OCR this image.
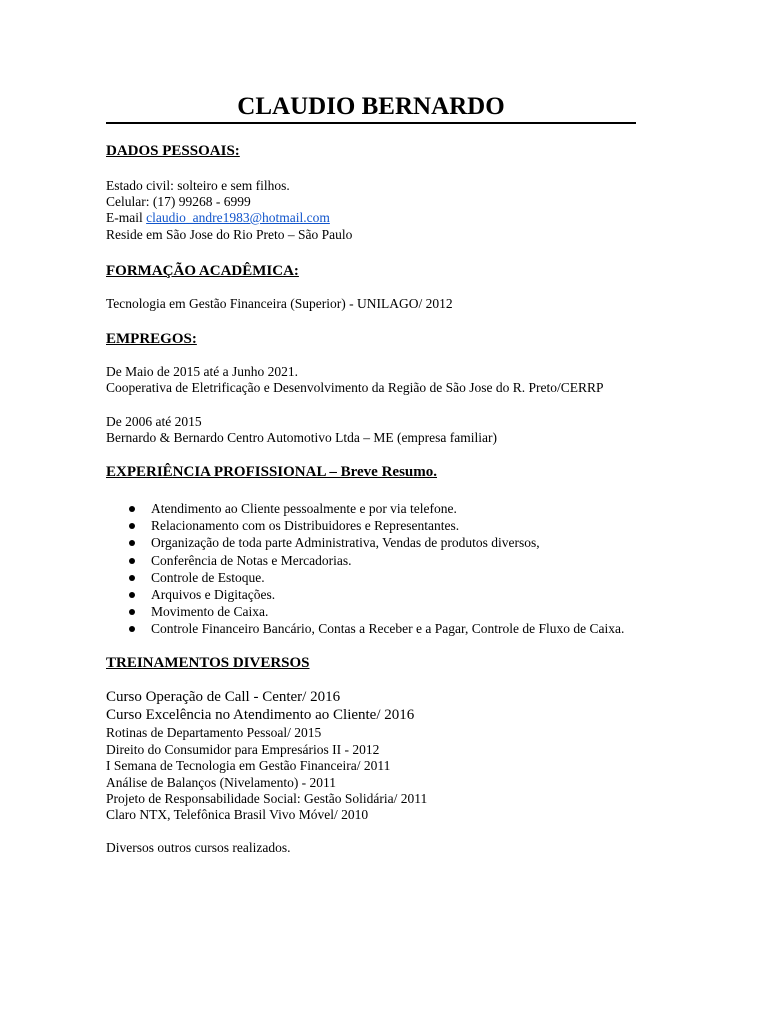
CLAUDIO BERNARDO
DADOS PESSOAIS:

Estado civil: solteiro e sem filhos.

Celular: (17) 99268 - 6999

E-mail claudio_andre1983@hotmail.com

Reside em São Jose do Rio Preto – São Paulo

FORMAÇÃO ACADÊMICA:

Tecnologia em Gestão Financeira (Superior) - UNILAGO/ 2012

EMPREGOS:

De Maio de 2015 até a Junho 2021.

Cooperativa de Eletrificação e Desenvolvimento da Região de São Jose do R. Preto/CERRP

De 2006 até 2015

Bernardo & Bernardo Centro Automotivo Ltda – ME (empresa familiar)

EXPERIÊNCIA PROFISSIONAL – Breve Resumo.
Atendimento ao Cliente pessoalmente e por via telefone.
Relacionamento com os Distribuidores e Representantes.
Organização de toda parte Administrativa, Vendas de produtos diversos,
Conferência de Notas e Mercadorias.
Controle de Estoque.
Arquivos e Digitações.
Movimento de Caixa.
Controle Financeiro Bancário, Contas a Receber e a Pagar, Controle de Fluxo de Caixa.
TREINAMENTOS DIVERSOS

Curso Operação de Call - Center/ 2016

Curso Excelência no Atendimento ao Cliente/ 2016

Rotinas de Departamento Pessoal/ 2015

Direito do Consumidor para Empresários II - 2012

I Semana de Tecnologia em Gestão Financeira/ 2011

Análise de Balanços (Nivelamento) - 2011

Projeto de Responsabilidade Social: Gestão Solidária/ 2011

Claro NTX, Telefônica Brasil Vivo Móvel/ 2010

Diversos outros cursos realizados.
